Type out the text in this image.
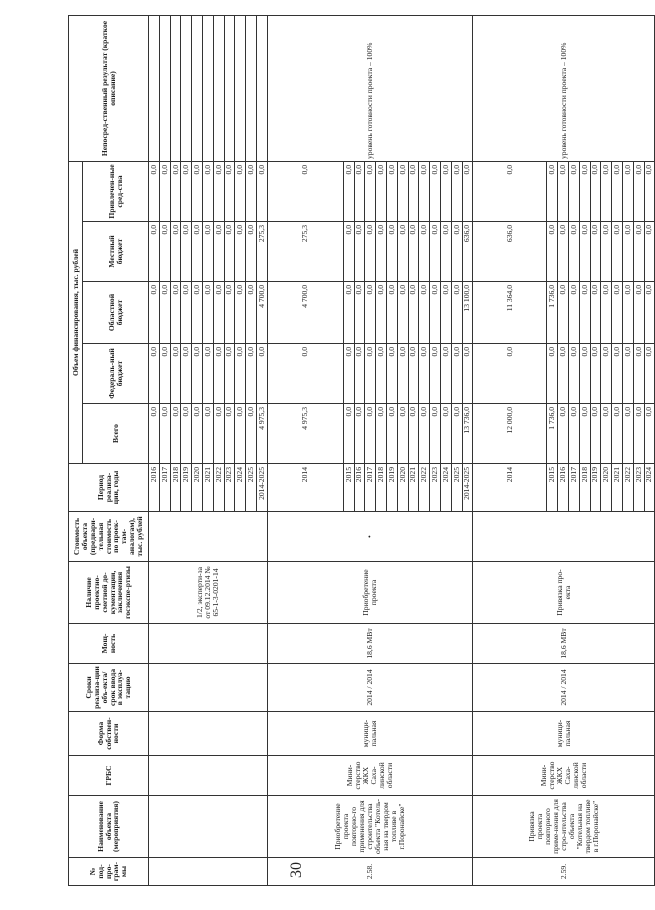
30
№ под-про-грам-мы	Наименование объекта (мероприятия)	ГРБС	Форма собствен-ности	Сроки реализа-ции объ-екта/срок ввода в эксплуа-тацию	Мощ-ность	Наличие проектно-сметной до-кументации, заключения госэкспе-ртизы	Стоимость объекта (предвари-тельная стоимость по проек-там-аналогам), тыс. рублей	Период реализа-ции, годы	Объем финансирования, тыс. рублей					Непосред-ственный результат (краткое описание)
									Всего	Федераль-ный бюджет	Областной бюджет	Местный бюджет	Привлечен-ные сред-ства	
						1/2, эксперти-за от 09.12.2014 № 65-1-3-0201-14		2016	0,0	0,0	0,0	0,0	0,0	
								2017	0,0	0,0	0,0	0,0	0,0	
								2018	0,0	0,0	0,0	0,0	0,0	
								2019	0,0	0,0	0,0	0,0	0,0	
								2020	0,0	0,0	0,0	0,0	0,0	
								2021	0,0	0,0	0,0	0,0	0,0	
								2022	0,0	0,0	0,0	0,0	0,0	
								2023	0,0	0,0	0,0	0,0	0,0	
								2024	0,0	0,0	0,0	0,0	0,0	
								2025	0,0	0,0	0,0	0,0	0,0	
								2014-2025	4 975,3	0,0	4 700,0	275,3	0,0	
2.58.	Приобретение проекта повторно-го применения для строительства объекта "Котель-ная на твердом топливе в г.Поронайске"	Мини-стерство ЖКХ Саха-линской области	муници-пальная	2014 / 2014	18,6 МВт	Приобретение проекта	•	2014	4 975,3	0,0	4 700,0	275,3	0,0	уровень готовности проекта – 100%
								2015	0,0	0,0	0,0	0,0	0,0	
								2016	0,0	0,0	0,0	0,0	0,0	
								2017	0,0	0,0	0,0	0,0	0,0	
								2018	0,0	0,0	0,0	0,0	0,0	
								2019	0,0	0,0	0,0	0,0	0,0	
								2020	0,0	0,0	0,0	0,0	0,0	
								2021	0,0	0,0	0,0	0,0	0,0	
								2022	0,0	0,0	0,0	0,0	0,0	
								2023	0,0	0,0	0,0	0,0	0,0	
								2024	0,0	0,0	0,0	0,0	0,0	
								2025	0,0	0,0	0,0	0,0	0,0	
								2014-2025	13 736,0	0,0	13 100,0	636,0	0,0	
2.59.	Привязка проекта повторного приме-нения для стро-ительства объекта "Котельная на твердом топливе в г.Поронайске"	Мини-стерство ЖКХ Саха-линской области	муници-пальная	2014 / 2014	18,6 МВт	Привязка про-екта		2014	12 000,0	0,0	11 364,0	636,0	0,0	уровень готовности проекта – 100%
								2015	1 736,0	0,0	1 736,0	0,0	0,0	
								2016	0,0	0,0	0,0	0,0	0,0	
								2017	0,0	0,0	0,0	0,0	0,0	
								2018	0,0	0,0	0,0	0,0	0,0	
								2019	0,0	0,0	0,0	0,0	0,0	
								2020	0,0	0,0	0,0	0,0	0,0	
								2021	0,0	0,0	0,0	0,0	0,0	
								2022	0,0	0,0	0,0	0,0	0,0	
								2023	0,0	0,0	0,0	0,0	0,0	
								2024	0,0	0,0	0,0	0,0	0,0	
